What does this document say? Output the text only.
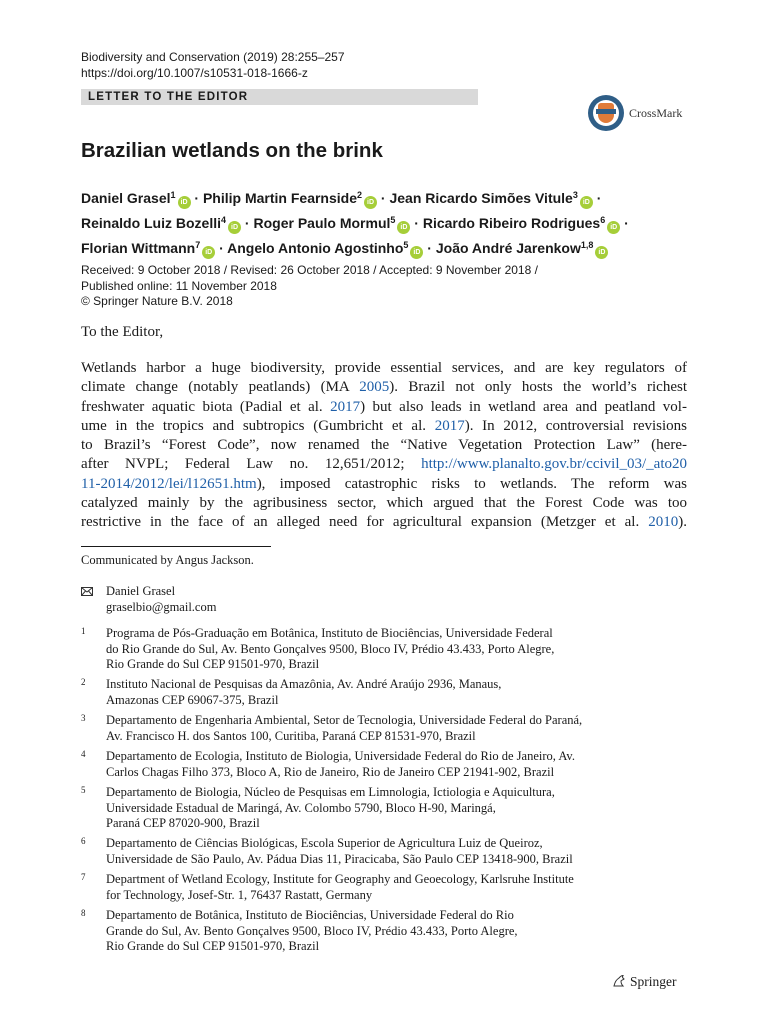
Biodiversity and Conservation (2019) 28:255–257
https://doi.org/10.1007/s10531-018-1666-z
LETTER TO THE EDITOR
CrossMark
Brazilian wetlands on the brink
Daniel Grasel$^1$iD · Philip Martin Fearnside$^2$iD · Jean Ricardo Simões Vitule$^3$iD ·
Reinaldo Luiz Bozelli$^4$iD · Roger Paulo Mormul$^5$iD · Ricardo Ribeiro Rodrigues$^6$iD ·
Florian Wittmann$^7$iD · Angelo Antonio Agostinho$^5$iD · João André Jarenkow$^{1,8}$iD
Received: 9 October 2018 / Revised: 26 October 2018 / Accepted: 9 November 2018 /
Published online: 11 November 2018
© Springer Nature B.V. 2018
To the Editor,
Wetlands harbor a huge biodiversity, provide essential services, and are key regulators of
climate change (notably peatlands) (MA 2005). Brazil not only hosts the world’s richest
freshwater aquatic biota (Padial et al. 2017) but also leads in wetland area and peatland vol-
ume in the tropics and subtropics (Gumbricht et al. 2017). In 2012, controversial revisions
to Brazil’s “Forest Code”, now renamed the “Native Vegetation Protection Law” (here-
after NVPL; Federal Law no. 12,651/2012; http://www.planalto.gov.br/ccivil_03/_ato20
11-2014/2012/lei/l12651.htm), imposed catastrophic risks to wetlands. The reform was
catalyzed mainly by the agribusiness sector, which argued that the Forest Code was too
restrictive in the face of an alleged need for agricultural expansion (Metzger et al. 2010).
Communicated by Angus Jackson.
Daniel Grasel
graselbio@gmail.com
1 Programa de Pós-Graduação em Botânica, Instituto de Biociências, Universidade Federal
do Rio Grande do Sul, Av. Bento Gonçalves 9500, Bloco IV, Prédio 43.433, Porto Alegre,
Rio Grande do Sul CEP 91501-970, Brazil
2 Instituto Nacional de Pesquisas da Amazônia, Av. André Araújo 2936, Manaus,
Amazonas CEP 69067-375, Brazil
3 Departamento de Engenharia Ambiental, Setor de Tecnologia, Universidade Federal do Paraná,
Av. Francisco H. dos Santos 100, Curitiba, Paraná CEP 81531-970, Brazil
4 Departamento de Ecologia, Instituto de Biologia, Universidade Federal do Rio de Janeiro, Av.
Carlos Chagas Filho 373, Bloco A, Rio de Janeiro, Rio de Janeiro CEP 21941-902, Brazil
5 Departamento de Biologia, Núcleo de Pesquisas em Limnologia, Ictiologia e Aquicultura,
Universidade Estadual de Maringá, Av. Colombo 5790, Bloco H-90, Maringá,
Paraná CEP 87020-900, Brazil
6 Departamento de Ciências Biológicas, Escola Superior de Agricultura Luiz de Queiroz,
Universidade de São Paulo, Av. Pádua Dias 11, Piracicaba, São Paulo CEP 13418-900, Brazil
7 Department of Wetland Ecology, Institute for Geography and Geoecology, Karlsruhe Institute
for Technology, Josef-Str. 1, 76437 Rastatt, Germany
8 Departamento de Botânica, Instituto de Biociências, Universidade Federal do Rio
Grande do Sul, Av. Bento Gonçalves 9500, Bloco IV, Prédio 43.433, Porto Alegre,
Rio Grande do Sul CEP 91501-970, Brazil
Springer
